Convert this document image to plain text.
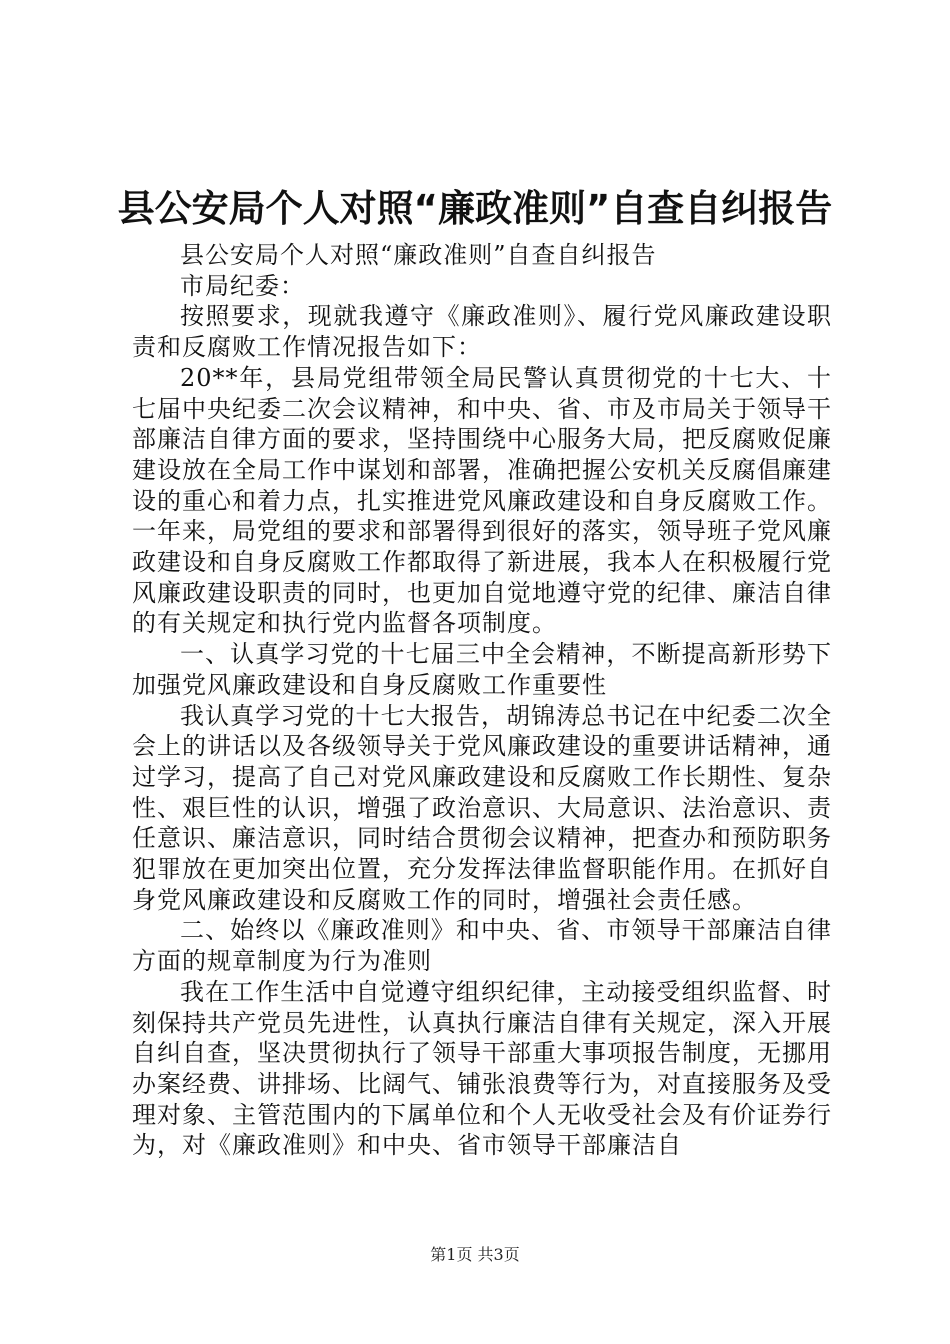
县公安局个人对照“廉政准则”自查自纠报告

县公安局个人对照“廉政准则”自查自纠报告

市局纪委：

按照要求，现就我遵守《廉政准则》、履行党风廉政建设职责和反腐败工作情况报告如下：

20**年，县局党组带领全局民警认真贯彻党的十七大、十七届中央纪委二次会议精神，和中央、省、市及市局关于领导干部廉洁自律方面的要求，坚持围绕中心服务大局，把反腐败促廉建设放在全局工作中谋划和部署，准确把握公安机关反腐倡廉建设的重心和着力点，扎实推进党风廉政建设和自身反腐败工作。一年来，局党组的要求和部署得到很好的落实，领导班子党风廉政建设和自身反腐败工作都取得了新进展，我本人在积极履行党风廉政建设职责的同时，也更加自觉地遵守党的纪律、廉洁自律的有关规定和执行党内监督各项制度。

一、认真学习党的十七届三中全会精神，不断提高新形势下加强党风廉政建设和自身反腐败工作重要性

我认真学习党的十七大报告，胡锦涛总书记在中纪委二次全会上的讲话以及各级领导关于党风廉政建设的重要讲话精神，通过学习，提高了自己对党风廉政建设和反腐败工作长期性、复杂性、艰巨性的认识，增强了政治意识、大局意识、法治意识、责任意识、廉洁意识，同时结合贯彻会议精神，把查办和预防职务犯罪放在更加突出位置，充分发挥法律监督职能作用。在抓好自身党风廉政建设和反腐败工作的同时，增强社会责任感。

二、始终以《廉政准则》和中央、省、市领导干部廉洁自律方面的规章制度为行为准则

我在工作生活中自觉遵守组织纪律，主动接受组织监督、时刻保持共产党员先进性，认真执行廉洁自律有关规定，深入开展自纠自查，坚决贯彻执行了领导干部重大事项报告制度，无挪用办案经费、讲排场、比阔气、铺张浪费等行为，对直接服务及受理对象、主管范围内的下属单位和个人无收受社会及有价证券行为，对《廉政准则》和中央、省市领导干部廉洁自

第1页 共3页
